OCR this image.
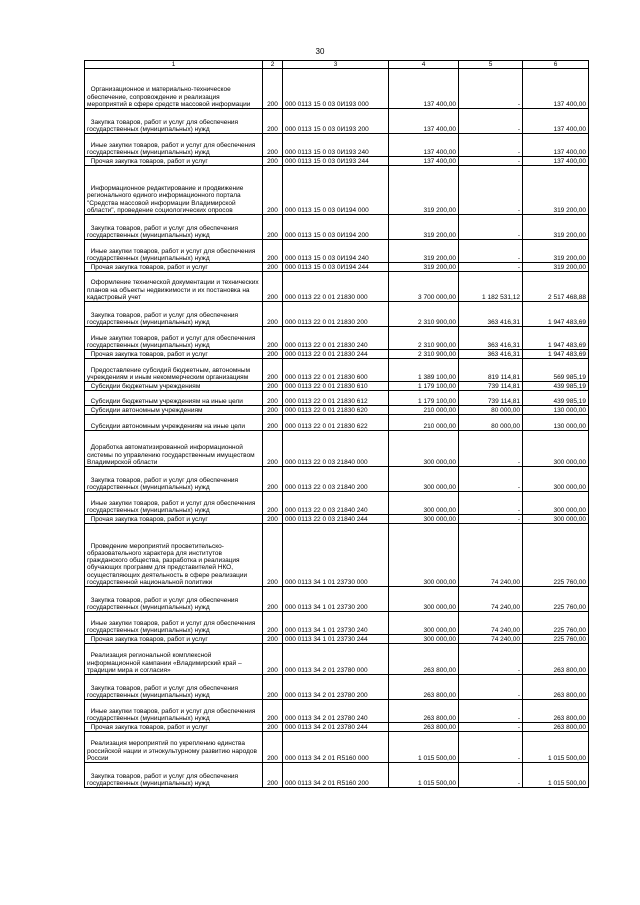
30
1	2	3	4	5	6
Организационное и материально-техническое обеспечение, сопровождение и реализация мероприятий в сфере средств массовой информации	200	000 0113 15 0 03 0И193 000	137 400,00	-	137 400,00
Закупка товаров, работ и услуг для обеспечения государственных (муниципальных) нужд	200	000 0113 15 0 03 0И193 200	137 400,00	-	137 400,00
Иные закупки товаров, работ и услуг для обеспечения государственных (муниципальных) нужд	200	000 0113 15 0 03 0И193 240	137 400,00	-	137 400,00
Прочая закупка товаров, работ и услуг	200	000 0113 15 0 03 0И193 244	137 400,00	-	137 400,00
Информационное редактирование и продвижение регионального единого информационного портала "Средства массовой информации Владимирской области", проведение социологических опросов	200	000 0113 15 0 03 0И194 000	319 200,00	-	319 200,00
Закупка товаров, работ и услуг для обеспечения государственных (муниципальных) нужд	200	000 0113 15 0 03 0И194 200	319 200,00	-	319 200,00
Иные закупки товаров, работ и услуг для обеспечения государственных (муниципальных) нужд	200	000 0113 15 0 03 0И194 240	319 200,00	-	319 200,00
Прочая закупка товаров, работ и услуг	200	000 0113 15 0 03 0И194 244	319 200,00	-	319 200,00
Оформление технической документации и технических планов на объекты недвижимости и их постановка на кадастровый учет	200	000 0113 22 0 01 21830 000	3 700 000,00	1 182 531,12	2 517 468,88
Закупка товаров, работ и услуг для обеспечения государственных (муниципальных) нужд	200	000 0113 22 0 01 21830 200	2 310 900,00	363 416,31	1 947 483,69
Иные закупки товаров, работ и услуг для обеспечения государственных (муниципальных) нужд	200	000 0113 22 0 01 21830 240	2 310 900,00	363 416,31	1 947 483,69
Прочая закупка товаров, работ и услуг	200	000 0113 22 0 01 21830 244	2 310 900,00	363 416,31	1 947 483,69
Предоставление субсидий бюджетным, автономным учреждениям и иным некоммерческим организациям	200	000 0113 22 0 01 21830 600	1 389 100,00	819 114,81	569 985,19
Субсидии бюджетным учреждениям	200	000 0113 22 0 01 21830 610	1 179 100,00	739 114,81	439 985,19
Субсидии бюджетным учреждениям на иные цели	200	000 0113 22 0 01 21830 612	1 179 100,00	739 114,81	439 985,19
Субсидии автономным учреждениям	200	000 0113 22 0 01 21830 620	210 000,00	80 000,00	130 000,00
Субсидии автономным учреждениям на иные цели	200	000 0113 22 0 01 21830 622	210 000,00	80 000,00	130 000,00
Доработка автоматизированной информационной системы по управлению государственным имуществом Владимирской области	200	000 0113 22 0 03 21840 000	300 000,00	-	300 000,00
Закупка товаров, работ и услуг для обеспечения государственных (муниципальных) нужд	200	000 0113 22 0 03 21840 200	300 000,00	-	300 000,00
Иные закупки товаров, работ и услуг для обеспечения государственных (муниципальных) нужд	200	000 0113 22 0 03 21840 240	300 000,00	-	300 000,00
Прочая закупка товаров, работ и услуг	200	000 0113 22 0 03 21840 244	300 000,00	-	300 000,00
Проведение мероприятий просветительско-образовательного характера для институтов гражданского общества, разработка и реализация обучающих программ для представителей НКО, осуществляющих деятельность в сфере реализации государственной национальной политики	200	000 0113 34 1 01 23730 000	300 000,00	74 240,00	225 760,00
Закупка товаров, работ и услуг для обеспечения государственных (муниципальных) нужд	200	000 0113 34 1 01 23730 200	300 000,00	74 240,00	225 760,00
Иные закупки товаров, работ и услуг для обеспечения государственных (муниципальных) нужд	200	000 0113 34 1 01 23730 240	300 000,00	74 240,00	225 760,00
Прочая закупка товаров, работ и услуг	200	000 0113 34 1 01 23730 244	300 000,00	74 240,00	225 760,00
Реализация региональной комплексной информационной кампании «Владимирский край – традиции мира и согласия»	200	000 0113 34 2 01 23780 000	263 800,00	-	263 800,00
Закупка товаров, работ и услуг для обеспечения государственных (муниципальных) нужд	200	000 0113 34 2 01 23780 200	263 800,00	-	263 800,00
Иные закупки товаров, работ и услуг для обеспечения государственных (муниципальных) нужд	200	000 0113 34 2 01 23780 240	263 800,00	-	263 800,00
Прочая закупка товаров, работ и услуг	200	000 0113 34 2 01 23780 244	263 800,00	-	263 800,00
Реализация мероприятий по укреплению единства российской нации и этнокультурному развитию народов России	200	000 0113 34 2 01 R5160 000	1 015 500,00	-	1 015 500,00
Закупка товаров, работ и услуг для обеспечения государственных (муниципальных) нужд	200	000 0113 34 2 01 R5160 200	1 015 500,00	-	1 015 500,00
